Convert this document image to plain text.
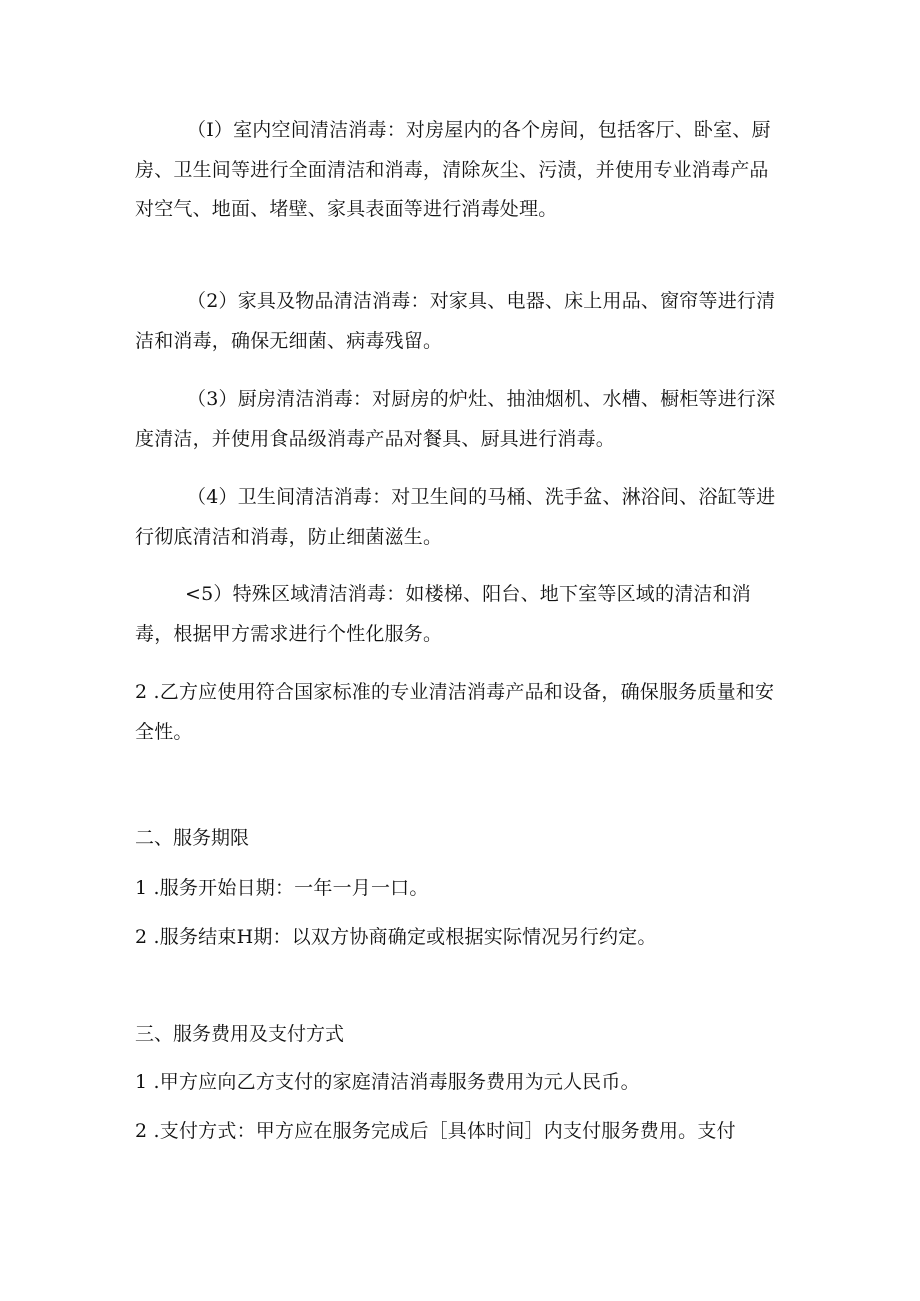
（I）室内空间清洁消毒：对房屋内的各个房间，包括客厅、卧室、厨房、卫生间等进行全面清洁和消毒，清除灰尘、污渍，并使用专业消毒产品对空气、地面、堵壁、家具表面等进行消毒处理。

（2）家具及物品清洁消毒：对家具、电器、床上用品、窗帘等进行清洁和消毒，确保无细菌、病毒残留。

（3）厨房清洁消毒：对厨房的炉灶、抽油烟机、水槽、橱柜等进行深度清洁，并使用食品级消毒产品对餐具、厨具进行消毒。

（4）卫生间清洁消毒：对卫生间的马桶、洗手盆、淋浴间、浴缸等进行彻底清洁和消毒，防止细菌滋生。

<5）特殊区域清洁消毒：如楼梯、阳台、地下室等区域的清洁和消毒，根据甲方需求进行个性化服务。

2 .乙方应使用符合国家标准的专业清洁消毒产品和设备，确保服务质量和安全性。

二、服务期限

1 .服务开始日期：一年一月一口。

2 .服务结束H期：以双方协商确定或根据实际情况另行约定。

三、服务费用及支付方式

1 .甲方应向乙方支付的家庭清洁消毒服务费用为元人民币。

2 .支付方式：甲方应在服务完成后［具体时间］内支付服务费用。支付
